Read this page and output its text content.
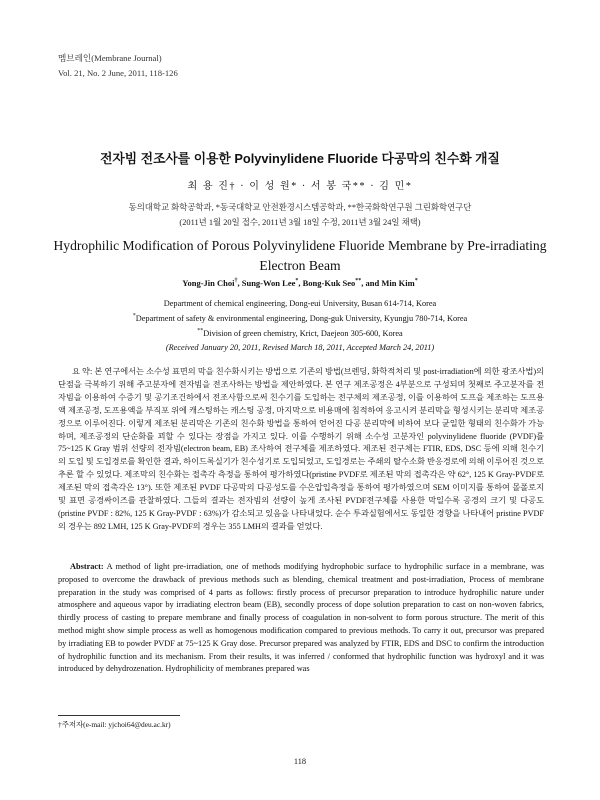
멤브레인(Membrane Journal)
Vol. 21, No. 2 June, 2011, 118-126
전자빔 전조사를 이용한 Polyvinylidene Fluoride 다공막의 친수화 개질
최 용 진† · 이 성 원* · 서 봉 국** · 김 민*
동의대학교 화학공학과, *동국대학교 안전환경시스템공학과, **한국화학연구원 그린화학연구단
(2011년 1월 20일 접수, 2011년 3월 18일 수정, 2011년 3월 24일 채택)
Hydrophilic Modification of Porous Polyvinylidene Fluoride Membrane by Pre-irradiating Electron Beam
Yong-Jin Choi†, Sung-Won Lee*, Bong-Kuk Seo**, and Min Kim*
Department of chemical engineering, Dong-eui University, Busan 614-714, Korea
*Department of safety & environmental engineering, Dong-guk University, Kyungju 780-714, Korea
**Division of green chemistry, Krict, Daejeon 305-600, Korea
(Received January 20, 2011, Revised March 18, 2011, Accepted March 24, 2011)
요 약: 본 연구에서는 소수성 표면의 막을 친수화시키는 방법으로 기존의 방법(브렌딩, 화학적처리 및 post-irradiation에 의한 광조사법)의 단점을 극복하기 위해 주고분자에 전자빔을 전조사하는 방법을 제안하였다. 본 연구 제조공정은 4부분으로 구성되며 첫째로 주고분자를 전자빔을 이용하여 수증기 및 공기조건하에서 전조사함으로써 친수기를 도입하는 전구체의 제조공정, 이를 이용하여 도프을 제조하는 도프용액 제조공정, 도프용액을 부직포 위에 캐스팅하는 캐스팅 공정, 마지막으로 비용매에 침적하여 응고시켜 분리막을 형성시키는 분리막 제조공정으로 이루어진다. 이렇게 제조된 분리막은 기존의 친수화 방법을 통하여 얻어진 다공 분리막에 비하여 보다 균일한 형태의 친수화가 가능하며, 제조공정의 단순화를 꾀할 수 있다는 장점을 가지고 있다. 이를 수행하기 위해 소수성 고분자인 polyvinylidene fluoride (PVDF)를 75~125 K Gray 범위 선량의 전자빔(electron beam, EB) 조사하여 전구체를 제조하였다. 제조된 전구체는 FTIR, EDS, DSC 등에 의해 친수기의 도입 및 도입경로를 확인한 결과, 하이드록실기가 친수성기로 도입되었고, 도입경로는 주쇄의 탈수소화 반응경로에 의해 이루어진 것으로 추론 할 수 있었다. 제조막의 친수화는 접촉각 측정을 통하여 평가하였다(pristine PVDF로 제조된 막의 접촉각은 약 62°, 125 K Gray-PVDF로 제조된 막의 접촉각은 13°). 또한 제조된 PVDF 다공막의 다공성도를 수은압입측정을 통하여 평가하였으며 SEM 이미지를 통하여 몰폴로지 및 표면 공경싸이즈를 관찰하였다. 그들의 결과는 전자빔의 선량이 높게 조사된 PVDF전구체를 사용한 막일수록 공경의 크기 및 다공도(pristine PVDF : 82%, 125 K Gray-PVDF : 63%)가 감소되고 있음을 나타내었다. 순수 투과실험에서도 동일한 경향을 나타내어 pristine PVDF의 경우는 892 LMH, 125 K Gray-PVDF의 경우는 355 LMH의 결과를 얻었다.
Abstract: A method of light pre-irradiation, one of methods modifying hydrophobic surface to hydrophilic surface in a membrane, was proposed to overcome the drawback of previous methods such as blending, chemical treatment and post-irradiation, Process of membrane preparation in the study was comprised of 4 parts as follows: firstly process of precursor preparation to introduce hydrophilic nature under atmosphere and aqueous vapor by irradiating electron beam (EB), secondly process of dope solution preparation to cast on non-woven fabrics, thirdly process of casting to prepare membrane and finally process of coagulation in non-solvent to form porous structure. The merit of this method might show simple process as well as homogenous modification compared to previous methods. To carry it out, precursor was prepared by irradiating EB to powder PVDF at 75~125 K Gray dose. Precursor prepared was analyzed by FTIR, EDS and DSC to confirm the introduction of hydrophilic function and its mechanism. From their results, it was inferred / conformed that hydrophilic function was hydroxyl and it was introduced by dehydrozenation. Hydrophilicity of membranes prepared was
†주저자(e-mail: yjchoi64@deu.ac.kr)
118
